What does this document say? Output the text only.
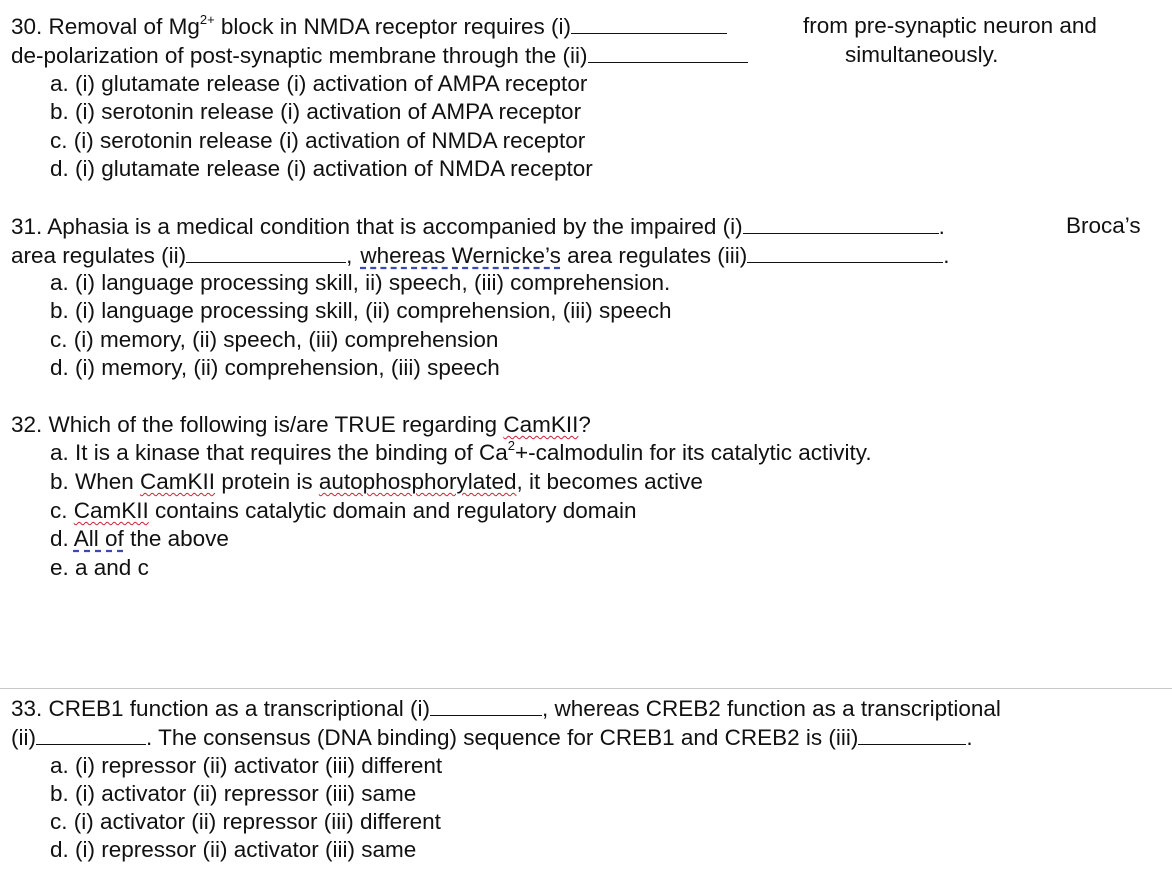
30. Removal of $Mg^{2+}$ block in NMDA receptor requires (i)	from pre-synaptic neuron and
de-polarization of post-synaptic membrane through the (ii)	simultaneously.
a. (i) glutamate release (i) activation of AMPA receptor
b. (i) serotonin release (i) activation of AMPA receptor
c. (i) serotonin release (i) activation of NMDA receptor
d. (i) glutamate release (i) activation of NMDA receptor
31. Aphasia is a medical condition that is accompanied by the impaired (i)	.	Broca’s
area regulates (ii)	, whereas Wernicke’s area regulates (iii)	.
a. (i) language processing skill, ii) speech, (iii) comprehension.
b. (i) language processing skill, (ii) comprehension, (iii) speech
c. (i) memory, (ii) speech, (iii) comprehension
d. (i) memory, (ii) comprehension, (iii) speech
32. Which of the following is/are TRUE regarding CamKII?
a. It is a kinase that requires the binding of $Ca^2+$-calmodulin for its catalytic activity.
b. When CamKII protein is autophosphorylated, it becomes active
c. CamKII contains catalytic domain and regulatory domain
d. All of the above
e. a and c
33. CREB1 function as a transcriptional (i)	, whereas CREB2 function as a transcriptional
(ii)	. The consensus (DNA binding) sequence for CREB1 and CREB2 is (iii)	.
a. (i) repressor (ii) activator (iii) different
b. (i) activator (ii) repressor (iii) same
c. (i) activator (ii) repressor (iii) different
d. (i) repressor (ii) activator (iii) same
